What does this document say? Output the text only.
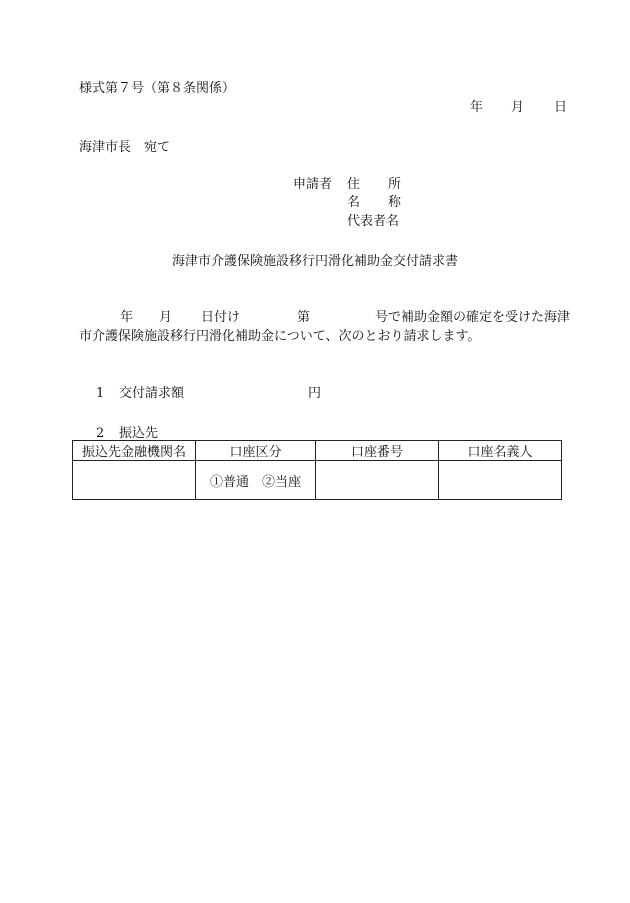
様式第７号（第８条関係）
年 月 日
海津市長　宛て
申請者 住 所
名 称
代表者名
海津市介護保険施設移行円滑化補助金交付請求書
年 月 日付け	第	号で補助金額の確定を受けた海津
市介護保険施設移行円滑化補助金について、次のとおり請求します。
1 交付請求額	円
2 振込先
振込先金融機関名	口座区分	口座番号	口座名義人
	①普通　②当座		
